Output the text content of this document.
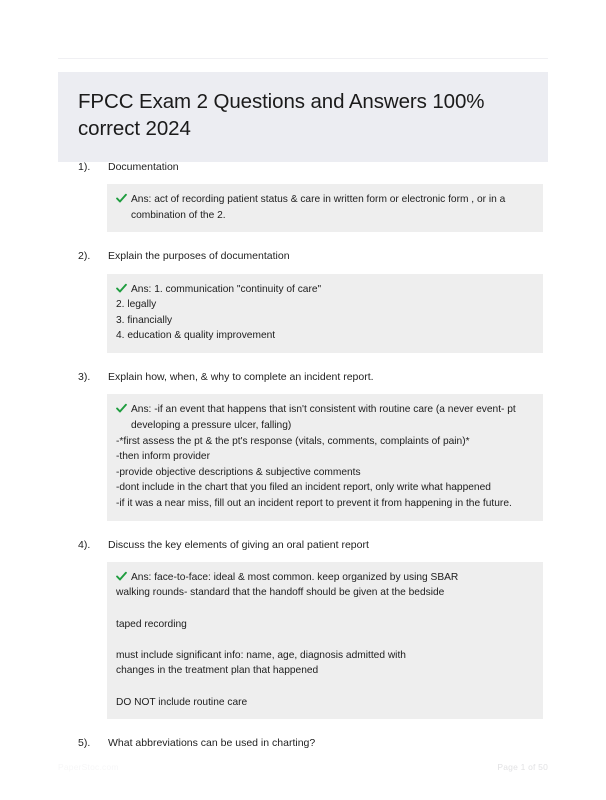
FPCC Exam 2 Questions and Answers 100% correct 2024
1).	Documentation
Ans: act of recording patient status & care in written form or electronic form , or in a combination of the 2.
2).	Explain the purposes of documentation
Ans: 1. communication "continuity of care"
2. legally
3. financially
4. education & quality improvement
3).	Explain how, when, & why to complete an incident report.
Ans: -if an event that happens that isn't consistent with routine care (a never event- pt developing a pressure ulcer, falling)
-*first assess the pt & the pt's response (vitals, comments, complaints of pain)*
-then inform provider
-provide objective descriptions & subjective comments
-dont include in the chart that you filed an incident report, only write what happened
-if it was a near miss, fill out an incident report to prevent it from happening in the future.
4).	Discuss the key elements of giving an oral patient report
Ans: face-to-face: ideal & most common. keep organized by using SBAR
walking rounds- standard that the handoff should be given at the bedside
taped recording
must include significant info: name, age, diagnosis admitted with
changes in the treatment plan that happened
DO NOT include routine care
5).	What abbreviations can be used in charting?
PaperStoc.com	Page 1 of 50
